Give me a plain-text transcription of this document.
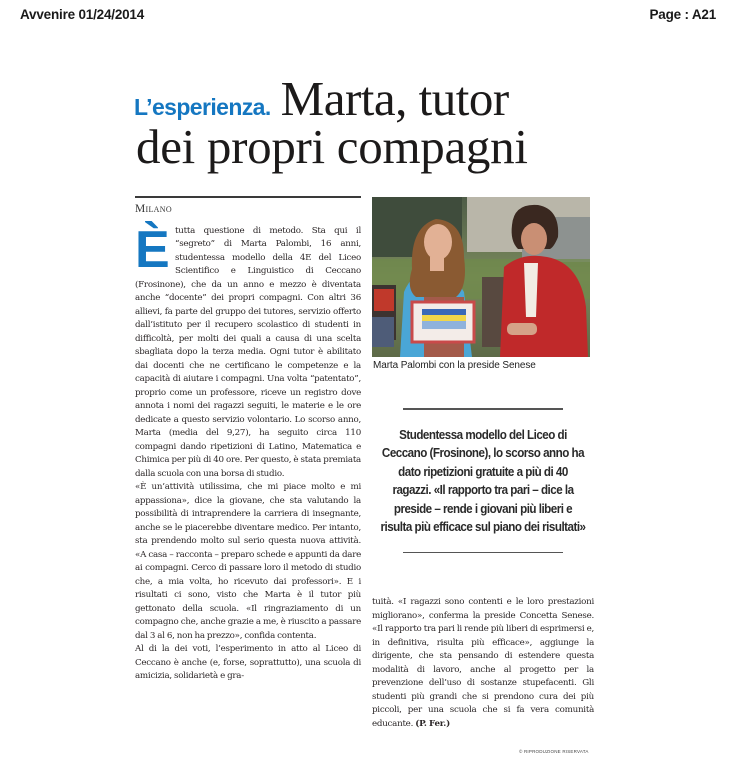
Avvenire 01/24/2014	Page : A21
L’esperienza. Marta, tutor
dei propri compagni
Milano

È tutta questione di metodo. Sta qui il “segreto” di Marta Palombi, 16 anni, studentessa modello della 4E del Liceo Scientifico e Linguistico di Ceccano (Frosinone), che da un anno e mezzo è diventata anche “docente” dei propri compagni. Con altri 36 allievi, fa parte del gruppo dei tutores, servizio offerto dall’istituto per il recupero scolastico di studenti in difficoltà, per molti dei quali a causa di una scelta sbagliata dopo la terza media. Ogni tutor è abilitato dai docenti che ne certificano le competenze e la capacità di aiutare i compagni. Una volta “patentato”, proprio come un professore, riceve un registro dove annota i nomi dei ragazzi seguiti, le materie e le ore dedicate a questo servizio volontario. Lo scorso anno, Marta (media del 9,27), ha seguito circa 110 compagni dando ripetizioni di Latino, Matematica e Chimica per più di 40 ore. Per questo, è stata premiata dalla scuola con una borsa di studio.

«È un’attività utilissima, che mi piace molto e mi appassiona», dice la giovane, che sta valutando la possibilità di intraprendere la carriera di insegnante, anche se le piacerebbe diventare medico. Per intanto, sta prendendo molto sul serio questa nuova attività. «A casa – racconta – preparo schede e appunti da dare ai compagni. Cerco di passare loro il metodo di studio che, a mia volta, ho ricevuto dai professori». E i risultati ci sono, visto che Marta è il tutor più gettonato della scuola. «Il ringraziamento di un compagno che, anche grazie a me, è riuscito a passare dal 3 al 6, non ha prezzo», confida contenta.

Al di la dei voti, l’esperimento in atto al Liceo di Ceccano è anche (e, forse, soprattutto), una scuola di amicizia, solidarietà e gra-

Marta Palombi con la preside Senese
Studentessa modello del Liceo di Ceccano (Frosinone), lo scorso anno ha dato ripetizioni gratuite a più di 40 ragazzi. «Il rapporto tra pari – dice la preside – rende i giovani più liberi e risulta più efficace sul piano dei risultati»

tuità. «I ragazzi sono contenti e le loro prestazioni migliorano», conferma la preside Concetta Senese. «Il rapporto tra pari li rende più liberi di esprimersi e, in definitiva, risulta più efficace», aggiunge la dirigente, che sta pensando di estendere questa modalità di lavoro, anche al progetto per la prevenzione dell’uso di sostanze stupefacenti. Gli studenti più grandi che si prendono cura dei più piccoli, per una scuola che si fa vera comunità educante. (P. Fer.)

© RIPRODUZIONE RISERVATA
